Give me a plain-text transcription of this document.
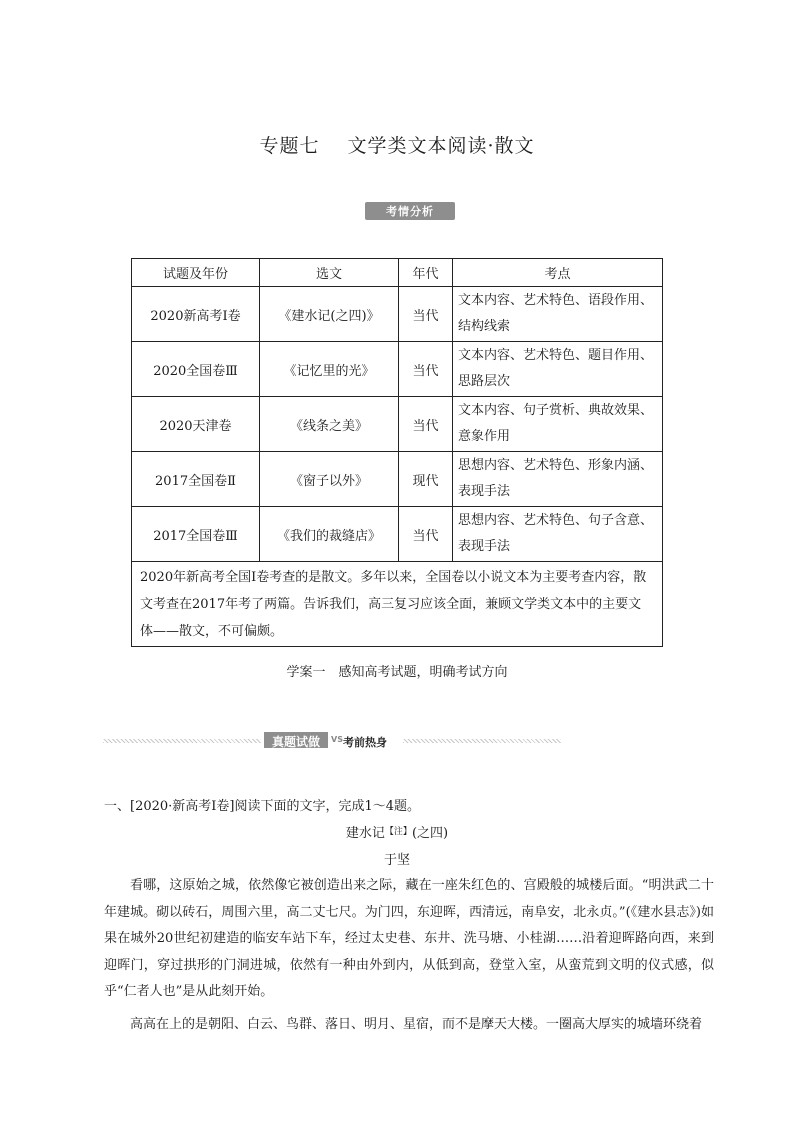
专题七 文学类文本阅读·散文
考情分析
试题及年份	选文	年代	考点
2020新高考Ⅰ卷	《建水记(之四)》	当代	文本内容、艺术特色、语段作用、结构线索
2020全国卷Ⅲ	《记忆里的光》	当代	文本内容、艺术特色、题目作用、思路层次
2020天津卷	《线条之美》	当代	文本内容、句子赏析、典故效果、意象作用
2017全国卷Ⅱ	《窗子以外》	现代	思想内容、艺术特色、形象内涵、表现手法
2017全国卷Ⅲ	《我们的裁缝店》	当代	思想内容、艺术特色、句子含意、表现手法
2020年新高考全国Ⅰ卷考查的是散文。多年以来，全国卷以小说文本为主要考查内容，散文考查在2017年考了两篇。告诉我们，高三复习应该全面，兼顾文学类文本中的主要文体——散文，不可偏颇。			
学案一　感知高考试题，明确考试方向
真题试做	VS 考前热身
一、[2020·新高考Ⅰ卷]阅读下面的文字，完成1～4题。
建水记$^{【注】}$(之四)
于坚

看哪，这原始之城，依然像它被创造出来之际，藏在一座朱红色的、宫殿般的城楼后面。“明洪武二十年建城。砌以砖石，周围六里，高二丈七尺。为门四，东迎晖，西清远，南阜安，北永贞。”(《建水县志》)如果在城外20世纪初建造的临安车站下车，经过太史巷、东井、洗马塘、小桂湖……沿着迎晖路向西，来到迎晖门，穿过拱形的门洞进城，依然有一种由外到内，从低到高，登堂入室，从蛮荒到文明的仪式感，似乎“仁者人也”是从此刻开始。

高高在上的是朝阳、白云、鸟群、落日、明月、星宿，而不是摩天大楼。一圈高大厚实的城墙环绕着
